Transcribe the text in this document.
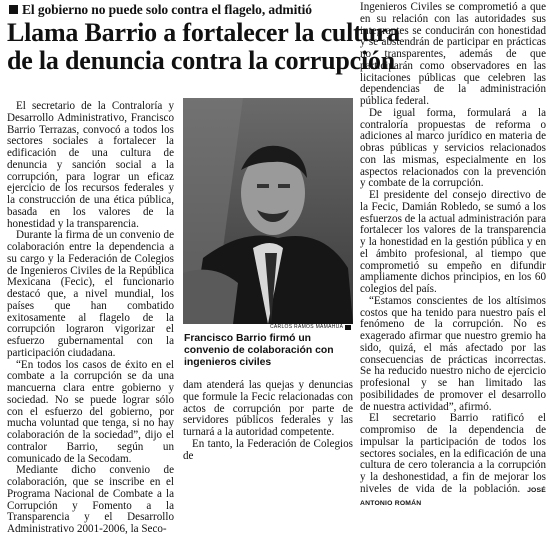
El gobierno no puede solo contra el flagelo, admitió
Llama Barrio a fortalecer la cultura
de la denuncia contra la corrupción

El secretario de la Contraloría y Desarrollo Administrativo, Francisco Barrio Terrazas, convocó a todos los sectores sociales a fortalecer la edificación de una cultura de denuncia y sanción social a la corrupción, para lograr un eficaz ejercicio de los recursos federales y la construcción de una ética pública, basada en los valores de la honestidad y la transparencia.

Durante la firma de un convenio de colaboración entre la dependencia a su cargo y la Federación de Colegios de Ingenieros Civiles de la República Mexicana (Fecic), el funcionario destacó que, a nivel mundial, los países que han combatido exitosamente al flagelo de la corrupción lograron vigorizar el esfuerzo gubernamental con la participación ciudadana.

“En todos los casos de éxito en el combate a la corrupción se da una mancuerna clara entre gobierno y sociedad. No se puede lograr sólo con el esfuerzo del gobierno, por mucha voluntad que tenga, si no hay colaboración de la sociedad”, dijo el contralor Barrio, según un comunicado de la Secodam.

Mediante dicho convenio de colaboración, que se inscribe en el Programa Nacional de Combate a la Corrupción y Fomento a la Transparencia y el Desarrollo Administrativo 2001-2006, la Seco-

CARLOS RAMOS MAMAHUA
Francisco Barrio firmó un convenio de colaboración con ingenieros civiles

dam atenderá las quejas y denuncias que formule la Fecic relacionadas con actos de corrupción por parte de servidores públicos federales y las turnará a la autoridad competente.

En tanto, la Federación de Colegios de

Ingenieros Civiles se comprometió a que en su relación con las autoridades sus integrantes se conducirán con honestidad y se abstendrán de participar en prácticas no transparentes, además de que participarán como observadores en las licitaciones públicas que celebren las dependencias de la administración pública federal.

De igual forma, formulará a la contraloría propuestas de reforma o adiciones al marco jurídico en materia de obras públicas y servicios relacionados con las mismas, especialmente en los aspectos relacionados con la prevención y combate de la corrupción.

El presidente del consejo directivo de la Fecic, Damián Robledo, se sumó a los esfuerzos de la actual administración para fortalecer los valores de la transparencia y la honestidad en la gestión pública y en el ámbito profesional, al tiempo que comprometió su empeño en difundir ampliamente dichos principios, en los 60 colegios del país.

“Estamos conscientes de los altísimos costos que ha tenido para nuestro país el fenómeno de la corrupción. No es exagerado afirmar que nuestro gremio ha sido, quizá, el más afectado por las consecuencias de prácticas incorrectas. Se ha reducido nuestro nicho de ejercicio profesional y se han limitado las posibilidades de promover el desarrollo de nuestra actividad”, afirmó.

El secretario Barrio ratificó el compromiso de la dependencia de impulsar la participación de todos los sectores sociales, en la edificación de una cultura de cero tolerancia a la corrupción y la deshonestidad, a fin de mejorar los niveles de vida de la población. JOSÉ ANTONIO ROMÁN
